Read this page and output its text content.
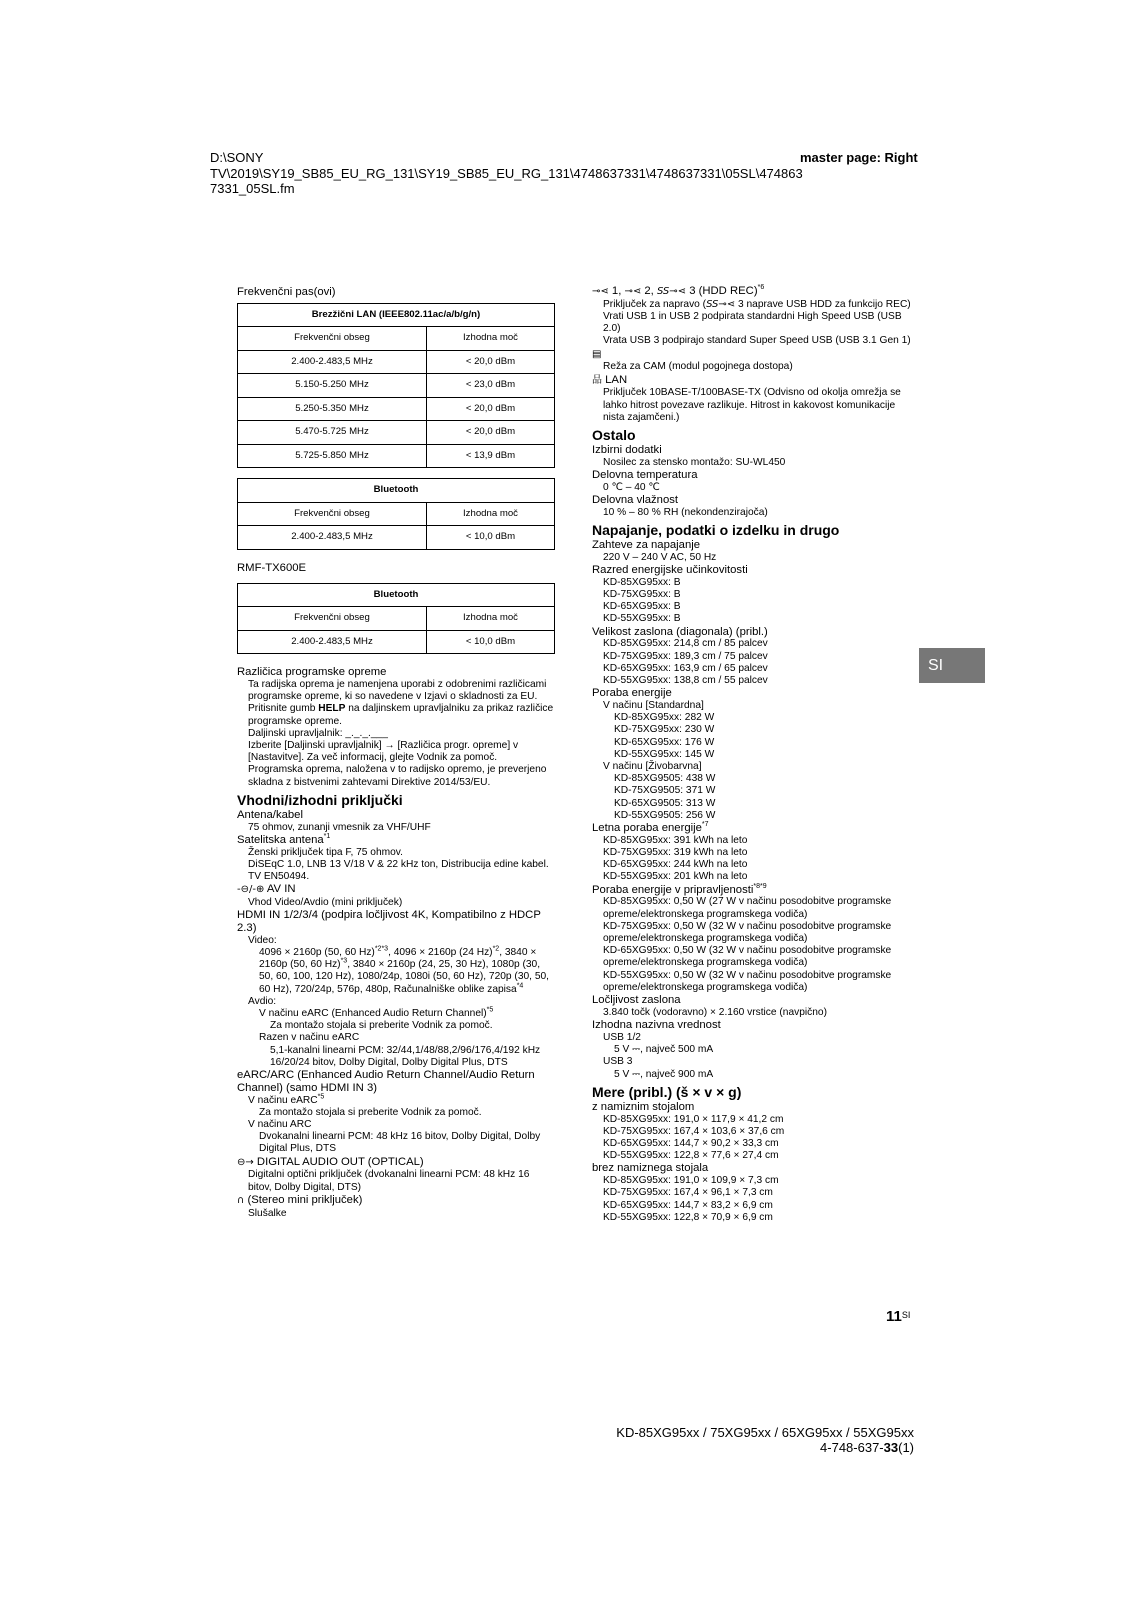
D:\SONY
TV\2019\SY19_SB85_EU_RG_131\SY19_SB85_EU_RG_131\4748637331\4748637331\05SL\474863
7331_05SL.fm
master page: Right
Frekvenčni pas(ovi)
Brezžični LAN (IEEE802.11ac/a/b/g/n)	
Frekvenčni obseg	Izhodna moč
2.400-2.483,5 MHz	< 20,0 dBm
5.150-5.250 MHz	< 23,0 dBm
5.250-5.350 MHz	< 20,0 dBm
5.470-5.725 MHz	< 20,0 dBm
5.725-5.850 MHz	< 13,9 dBm
Bluetooth	
Frekvenčni obseg	Izhodna moč
2.400-2.483,5 MHz	< 10,0 dBm
RMF-TX600E
Bluetooth	
Frekvenčni obseg	Izhodna moč
2.400-2.483,5 MHz	< 10,0 dBm
Različica programske opreme
Ta radijska oprema je namenjena uporabi z odobrenimi različicami programske opreme, ki so navedene v Izjavi o skladnosti za EU.
Pritisnite gumb HELP na daljinskem upravljalniku za prikaz različice programske opreme.
Daljinski upravljalnik: _._._.___
Izberite [Daljinski upravljalnik] → [Različica progr. opreme] v [Nastavitve]. Za več informacij, glejte Vodnik za pomoč.
Programska oprema, naložena v to radijsko opremo, je preverjeno skladna z bistvenimi zahtevami Direktive 2014/53/EU.
Vhodni/izhodni priključki
Antena/kabel
75 ohmov, zunanji vmesnik za VHF/UHF
Satelitska antena$^{*1}$
Ženski priključek tipa F, 75 ohmov.
DiSEqC 1.0, LNB 13 V/18 V & 22 kHz ton, Distribucija edine kabel. TV EN50494.
-⊖/-⊕ AV IN
Vhod Video/Avdio (mini priključek)
HDMI IN 1/2/3/4 (podpira ločljivost 4K, Kompatibilno z HDCP 2.3)
Video:
4096 × 2160p (50, 60 Hz)$^{*2*3}$, 4096 × 2160p (24 Hz)$^{*2}$, 3840 × 2160p (50, 60 Hz)$^{*3}$, 3840 × 2160p (24, 25, 30 Hz), 1080p (30, 50, 60, 100, 120 Hz), 1080/24p, 1080i (50, 60 Hz), 720p (30, 50, 60 Hz), 720/24p, 576p, 480p, Računalniške oblike zapisa$^{*4}$
Avdio:
V načinu eARC (Enhanced Audio Return Channel)$^{*5}$
Za montažo stojala si preberite Vodnik za pomoč.
Razen v načinu eARC
5,1-kanalni linearni PCM: 32/44,1/48/88,2/96/176,4/192 kHz 16/20/24 bitov, Dolby Digital, Dolby Digital Plus, DTS
eARC/ARC (Enhanced Audio Return Channel/Audio Return Channel) (samo HDMI IN 3)
V načinu eARC$^{*5}$
Za montažo stojala si preberite Vodnik za pomoč.
V načinu ARC
Dvokanalni linearni PCM: 48 kHz 16 bitov, Dolby Digital, Dolby Digital Plus, DTS
⊖→ DIGITAL AUDIO OUT (OPTICAL)
Digitalni optični priključek (dvokanalni linearni PCM: 48 kHz 16 bitov, Dolby Digital, DTS)
∩ (Stereo mini priključek)
Slušalke
⊸⋖ 1, ⊸⋖ 2, SS⊸⋖ 3 (HDD REC)$^{*6}$
Priključek za napravo (SS⊸⋖ 3 naprave USB HDD za funkcijo REC)
Vrati USB 1 in USB 2 podpirata standardni High Speed USB (USB 2.0)
Vrata USB 3 podpirajo standard Super Speed USB (USB 3.1 Gen 1)
▤
Reža za CAM (modul pogojnega dostopa)
品 LAN
Priključek 10BASE-T/100BASE-TX (Odvisno od okolja omrežja se lahko hitrost povezave razlikuje. Hitrost in kakovost komunikacije nista zajamčeni.)
Ostalo
Izbirni dodatki
Nosilec za stensko montažo: SU-WL450
Delovna temperatura
0 ℃ – 40 ℃
Delovna vlažnost
10 % – 80 % RH (nekondenzirajoča)
Napajanje, podatki o izdelku in drugo
Zahteve za napajanje
220 V – 240 V AC, 50 Hz
Razred energijske učinkovitosti
KD-85XG95xx: B
KD-75XG95xx: B
KD-65XG95xx: B
KD-55XG95xx: B
Velikost zaslona (diagonala) (pribl.)
KD-85XG95xx: 214,8 cm / 85 palcev
KD-75XG95xx: 189,3 cm / 75 palcev
KD-65XG95xx: 163,9 cm / 65 palcev
KD-55XG95xx: 138,8 cm / 55 palcev
Poraba energije
V načinu [Standardna]
KD-85XG95xx: 282 W
KD-75XG95xx: 230 W
KD-65XG95xx: 176 W
KD-55XG95xx: 145 W
V načinu [Živobarvna]
KD-85XG9505: 438 W
KD-75XG9505: 371 W
KD-65XG9505: 313 W
KD-55XG9505: 256 W
Letna poraba energije$^{*7}$
KD-85XG95xx: 391 kWh na leto
KD-75XG95xx: 319 kWh na leto
KD-65XG95xx: 244 kWh na leto
KD-55XG95xx: 201 kWh na leto
Poraba energije v pripravljenosti$^{*8*9}$
KD-85XG95xx: 0,50 W (27 W v načinu posodobitve programske opreme/elektronskega programskega vodiča)
KD-75XG95xx: 0,50 W (32 W v načinu posodobitve programske opreme/elektronskega programskega vodiča)
KD-65XG95xx: 0,50 W (32 W v načinu posodobitve programske opreme/elektronskega programskega vodiča)
KD-55XG95xx: 0,50 W (32 W v načinu posodobitve programske opreme/elektronskega programskega vodiča)
Ločljivost zaslona
3.840 točk (vodoravno) × 2.160 vrstice (navpično)
Izhodna nazivna vrednost
USB 1/2
5 V ⎓, največ 500 mA
USB 3
5 V ⎓, največ 900 mA
Mere (pribl.) (š × v × g)
z namiznim stojalom
KD-85XG95xx: 191,0 × 117,9 × 41,2 cm
KD-75XG95xx: 167,4 × 103,6 × 37,6 cm
KD-65XG95xx: 144,7 × 90,2 × 33,3 cm
KD-55XG95xx: 122,8 × 77,6 × 27,4 cm
brez namiznega stojala
KD-85XG95xx: 191,0 × 109,9 × 7,3 cm
KD-75XG95xx: 167,4 × 96,1 × 7,3 cm
KD-65XG95xx: 144,7 × 83,2 × 6,9 cm
KD-55XG95xx: 122,8 × 70,9 × 6,9 cm
SI
$11^{SI}$
KD-85XG95xx / 75XG95xx / 65XG95xx / 55XG95xx
4-748-637-33(1)
